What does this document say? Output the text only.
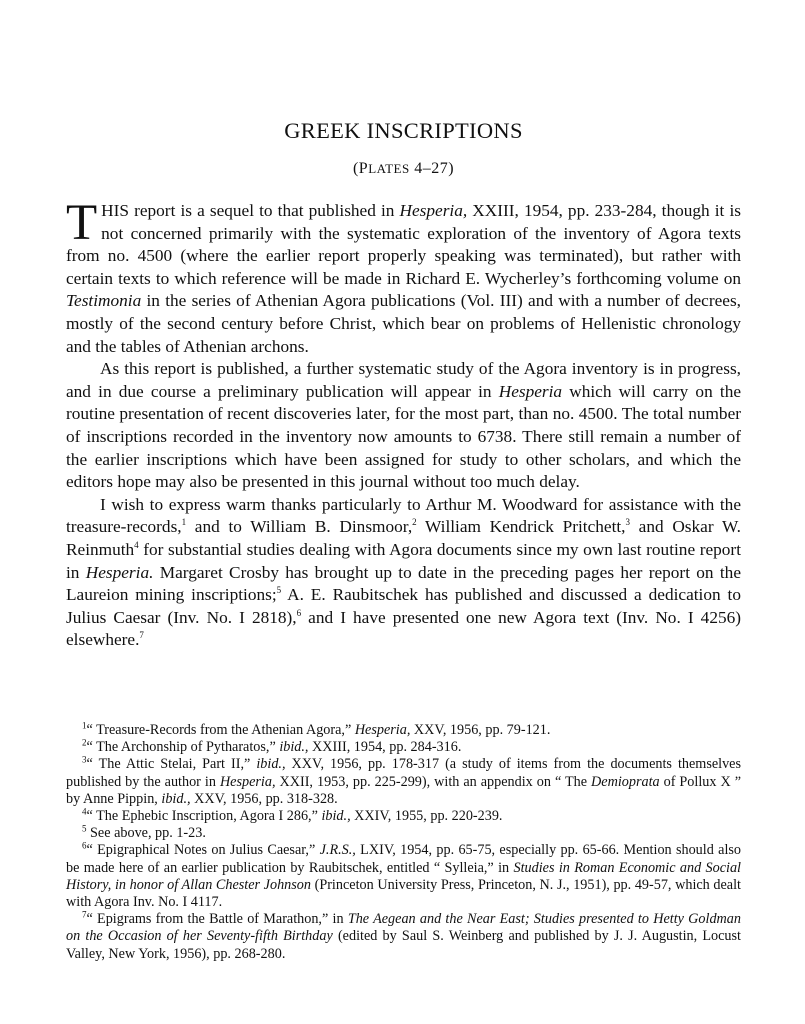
GREEK INSCRIPTIONS
(PLATES 4–27)

THIS report is a sequel to that published in Hesperia, XXIII, 1954, pp. 233-284, though it is not concerned primarily with the systematic exploration of the inventory of Agora texts from no. 4500 (where the earlier report properly speaking was terminated), but rather with certain texts to which reference will be made in Richard E. Wycherley’s forthcoming volume on Testimonia in the series of Athenian Agora publications (Vol. III) and with a number of decrees, mostly of the second century before Christ, which bear on problems of Hellenistic chronology and the tables of Athenian archons.

As this report is published, a further systematic study of the Agora inventory is in progress, and in due course a preliminary publication will appear in Hesperia which will carry on the routine presentation of recent discoveries later, for the most part, than no. 4500. The total number of inscriptions recorded in the inventory now amounts to 6738. There still remain a number of the earlier inscriptions which have been assigned for study to other scholars, and which the editors hope may also be presented in this journal without too much delay.

I wish to express warm thanks particularly to Arthur M. Woodward for assistance with the treasure-records,$^1$ and to William B. Dinsmoor,$^2$ William Kendrick Pritchett,$^3$ and Oskar W. Reinmuth$^4$ for substantial studies dealing with Agora documents since my own last routine report in Hesperia. Margaret Crosby has brought up to date in the preceding pages her report on the Laureion mining inscriptions;$^5$ A. E. Raubitschek has published and discussed a dedication to Julius Caesar (Inv. No. I 2818),$^6$ and I have presented one new Agora text (Inv. No. I 4256) elsewhere.$^7$

$^1$“ Treasure-Records from the Athenian Agora,” Hesperia, XXV, 1956, pp. 79-121.

$^2$“ The Archonship of Pytharatos,” ibid., XXIII, 1954, pp. 284-316.

$^3$“ The Attic Stelai, Part II,” ibid., XXV, 1956, pp. 178-317 (a study of items from the documents themselves published by the author in Hesperia, XXII, 1953, pp. 225-299), with an appendix on “ The Demioprata of Pollux X ” by Anne Pippin, ibid., XXV, 1956, pp. 318-328.

$^4$“ The Ephebic Inscription, Agora I 286,” ibid., XXIV, 1955, pp. 220-239.

$^5$ See above, pp. 1-23.

$^6$“ Epigraphical Notes on Julius Caesar,” J.R.S., LXIV, 1954, pp. 65-75, especially pp. 65-66. Mention should also be made here of an earlier publication by Raubitschek, entitled “ Sylleia,” in Studies in Roman Economic and Social History, in honor of Allan Chester Johnson (Princeton University Press, Princeton, N. J., 1951), pp. 49-57, which dealt with Agora Inv. No. I 4117.

$^7$“ Epigrams from the Battle of Marathon,” in The Aegean and the Near East; Studies presented to Hetty Goldman on the Occasion of her Seventy-fifth Birthday (edited by Saul S. Weinberg and published by J. J. Augustin, Locust Valley, New York, 1956), pp. 268-280.
